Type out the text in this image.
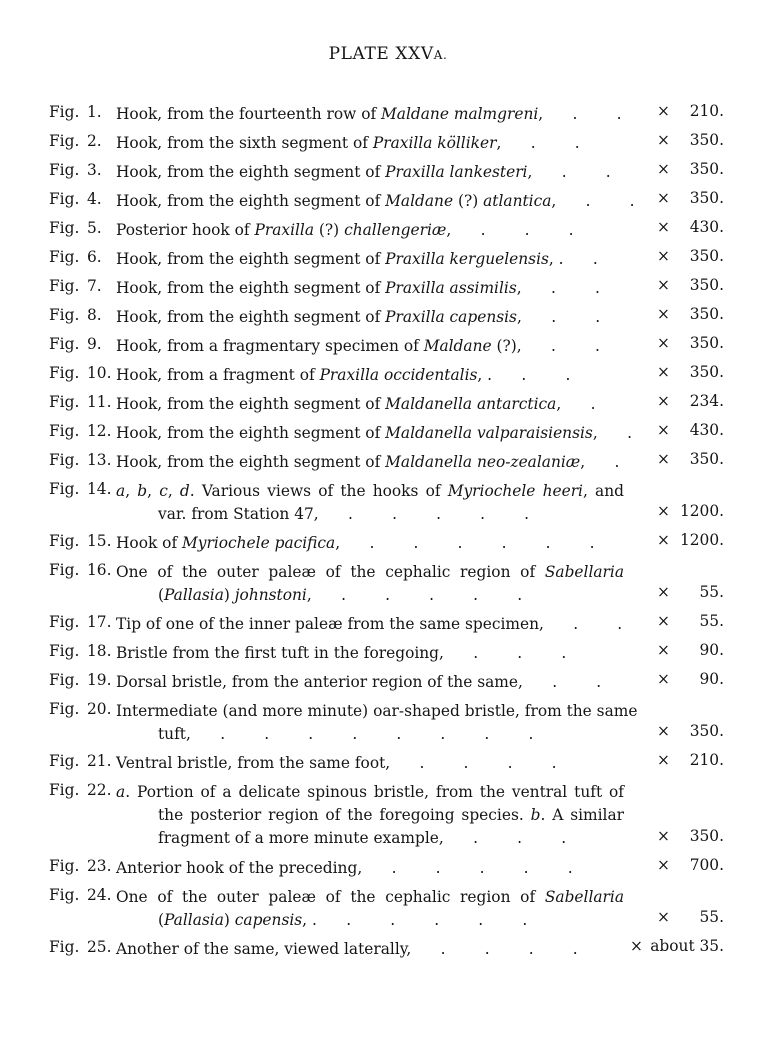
PLATE XXVA.
Fig. 1. Hook, from the fourteenth row of Maldane malmgreni,      .        . × 210.
Fig. 2. Hook, from the sixth segment of Praxilla kölliker,      .        .	× 350.
Fig. 3. Hook, from the eighth segment of Praxilla lankesteri,      .        .	× 350.
Fig. 4. Hook, from the eighth segment of Maldane (?) atlantica,      .        . × 350.
Fig. 5. Posterior hook of Praxilla (?) challengeriæ,      .        .        .	× 430.
Fig. 6. Hook, from the eighth segment of Praxilla kerguelensis, .      .	× 350.
Fig. 7. Hook, from the eighth segment of Praxilla assimilis,      .        .	× 350.
Fig. 8. Hook, from the eighth segment of Praxilla capensis,      .        .	× 350.
Fig. 9. Hook, from a fragmentary specimen of Maldane (?),      .        .	× 350.
Fig. 10. Hook, from a fragment of Praxilla occidentalis, .      .        .	× 350.
Fig. 11. Hook, from the eighth segment of Maldanella antarctica,      .	× 234.
Fig. 12. Hook, from the eighth segment of Maldanella valparaisiensis,      . × 430.
Fig. 13. Hook, from the eighth segment of Maldanella neo-zealaniæ,      . × 350.
Fig. 14. a, b, c, d. Various views of the hooks of Myriochele heeri, and
var. from Station 47,      .        .        .        .        .	× 1200.
Fig. 15. Hook of Myriochele pacifica,      .        .        .        .        .        .	× 1200.
Fig. 16. One of the outer paleæ of the cephalic region of Sabellaria
(Pallasia) johnstoni,      .        .        .        .        .	× 55.
Fig. 17. Tip of one of the inner paleæ from the same specimen,      .        . × 55.
Fig. 18. Bristle from the first tuft in the foregoing,      .        .        .	× 90.
Fig. 19. Dorsal bristle, from the anterior region of the same,      .        .	× 90.
Fig. 20. Intermediate (and more minute) oar-shaped bristle, from the same
tuft,      .        .        .        .        .        .        .        .	× 350.
Fig. 21. Ventral bristle, from the same foot,      .        .        .        .	× 210.
Fig. 22. a. Portion of a delicate spinous bristle, from the ventral tuft of
the posterior region of the foregoing species. b. A similar
fragment of a more minute example,      .        .        .	× 350.
Fig. 23. Anterior hook of the preceding,      .        .        .        .        .	× 700.
Fig. 24. One of the outer paleæ of the cephalic region of Sabellaria
(Pallasia) capensis, .      .        .        .        .        .	× 55.
Fig. 25. Another of the same, viewed laterally,      .        .        .        .	× about 35.
